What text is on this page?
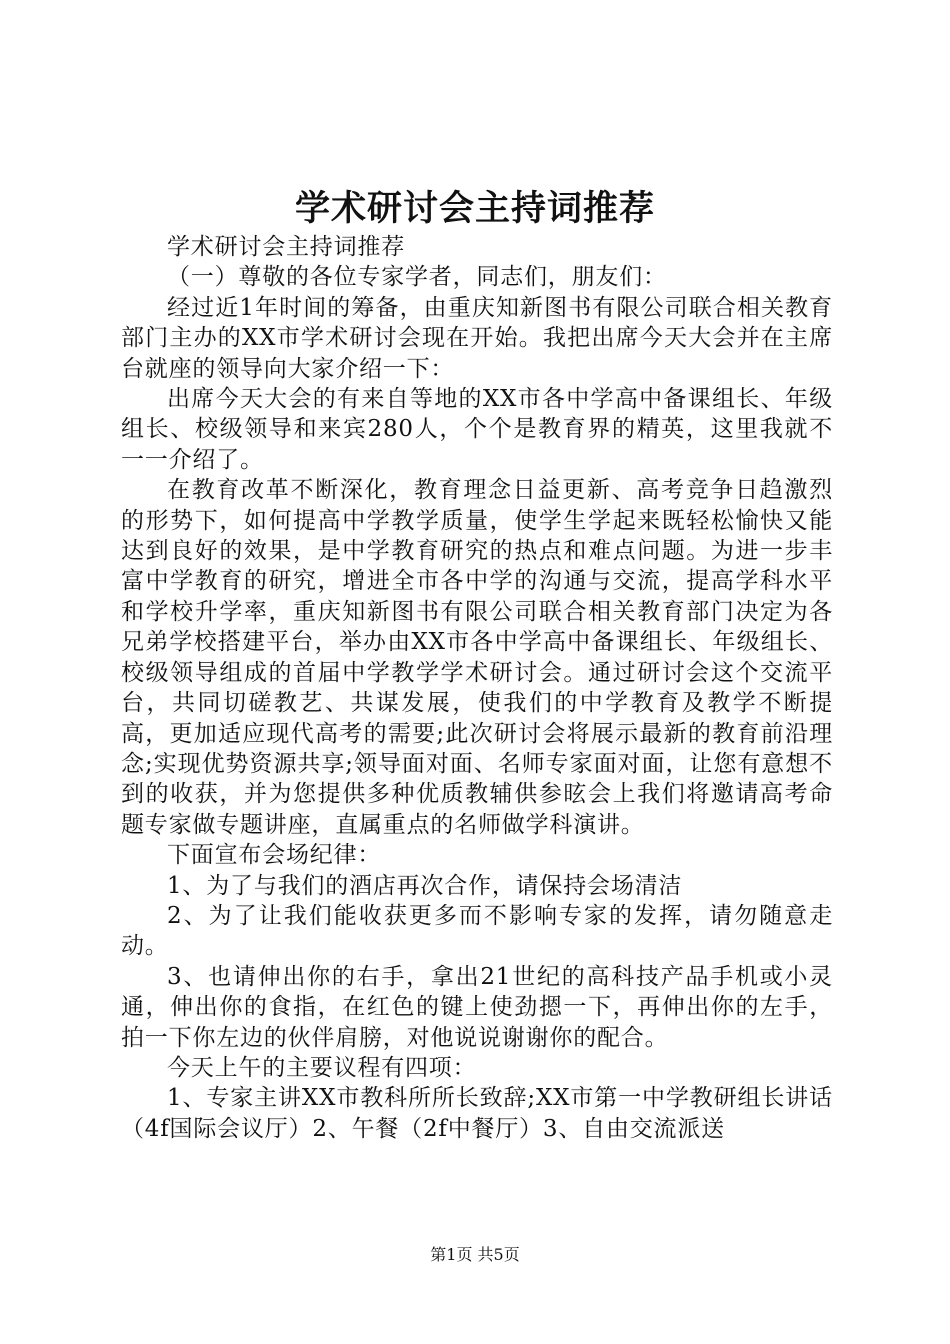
学术研讨会主持词推荐

学术研讨会主持词推荐

（一）尊敬的各位专家学者，同志们，朋友们：

经过近1年时间的筹备，由重庆知新图书有限公司联合相关教育部门主办的XX市学术研讨会现在开始。我把出席今天大会并在主席台就座的领导向大家介绍一下：

出席今天大会的有来自等地的XX市各中学高中备课组长、年级组长、校级领导和来宾280人，个个是教育界的精英，这里我就不一一介绍了。

在教育改革不断深化，教育理念日益更新、高考竞争日趋激烈的形势下，如何提高中学教学质量，使学生学起来既轻松愉快又能达到良好的效果，是中学教育研究的热点和难点问题。为进一步丰富中学教育的研究，增进全市各中学的沟通与交流，提高学科水平和学校升学率，重庆知新图书有限公司联合相关教育部门决定为各兄弟学校搭建平台，举办由XX市各中学高中备课组长、年级组长、校级领导组成的首届中学教学学术研讨会。通过研讨会这个交流平台，共同切磋教艺、共谋发展，使我们的中学教育及教学不断提高，更加适应现代高考的需要;此次研讨会将展示最新的教育前沿理念;实现优势资源共享;领导面对面、名师专家面对面，让您有意想不到的收获，并为您提供多种优质教辅供参昡会上我们将邀请高考命题专家做专题讲座，直属重点的名师做学科演讲。

下面宣布会场纪律：

1、为了与我们的酒店再次合作，请保持会场清洁

2、为了让我们能收获更多而不影响专家的发挥，请勿随意走动。

3、也请伸出你的右手，拿出21世纪的高科技产品手机或小灵通，伸出你的食指，在红色的键上使劲摁一下，再伸出你的左手，拍一下你左边的伙伴肩膀，对他说说谢谢你的配合。

今天上午的主要议程有四项：

1、专家主讲XX市教科所所长致辞;XX市第一中学教研组长讲话（4f国际会议厅）2、午餐（2f中餐厅）3、自由交流派送

第1页 共5页
